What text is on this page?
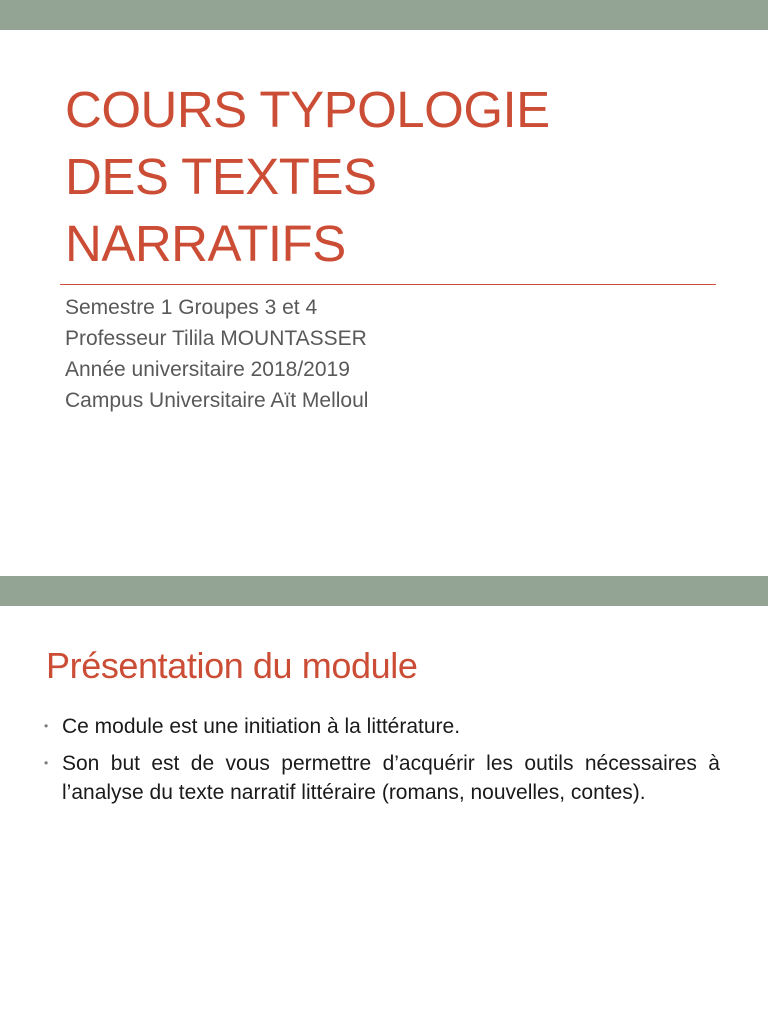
COURS TYPOLOGIE
DES TEXTES
NARRATIFS
Semestre 1 Groupes 3 et 4
Professeur Tilila MOUNTASSER
Année universitaire 2018/2019
Campus Universitaire Aït Melloul
Présentation du module
• Ce module est une initiation à la littérature.
• Son but est de vous permettre d’acquérir les outils nécessaires à l’analyse du texte narratif littéraire (romans, nouvelles, contes).
